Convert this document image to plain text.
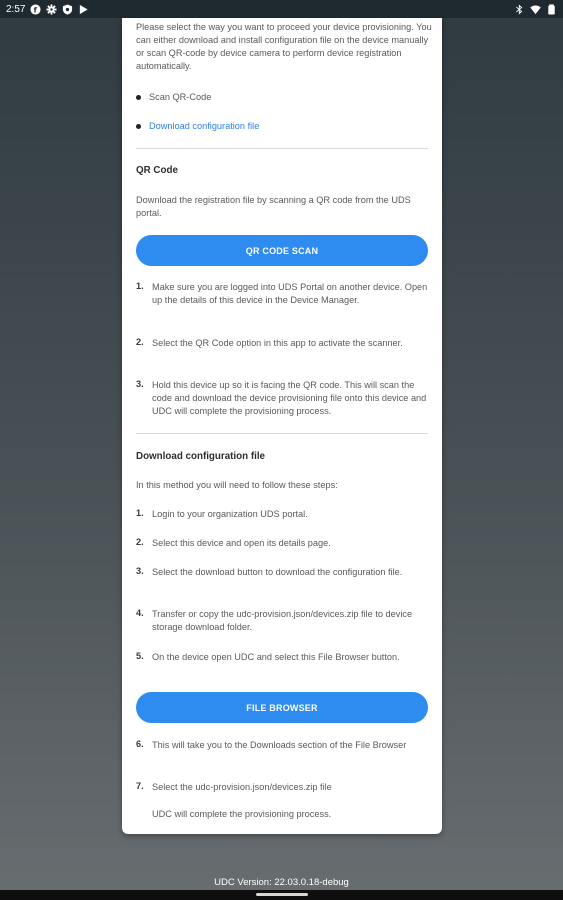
2:57 f
Please select the way you want to proceed your device provisioning. You can either download and install configuration file on the device manually or scan QR-code by device camera to perform device registration automatically.
Scan QR-Code
Download configuration file
QR Code
Download the registration file by scanning a QR code from the UDS portal.
QR CODE SCAN
1. Make sure you are logged into UDS Portal on another device. Open up the details of this device in the Device Manager.
2. Select the QR Code option in this app to activate the scanner.
3. Hold this device up so it is facing the QR code. This will scan the code and download the device provisioning file onto this device and UDC will complete the provisioning process.
Download configuration file
In this method you will need to follow these steps:
1. Login to your organization UDS portal.
2. Select this device and open its details page.
3. Select the download button to download the configuration file.
4. Transfer or copy the udc-provision.json/devices.zip file to device storage download folder.
5. On the device open UDC and select this File Browser button.
FILE BROWSER
6. This will take you to the Downloads section of the File Browser
7. Select the udc-provision.json/devices.zip file
UDC will complete the provisioning process.
UDC Version: 22.03.0.18-debug
